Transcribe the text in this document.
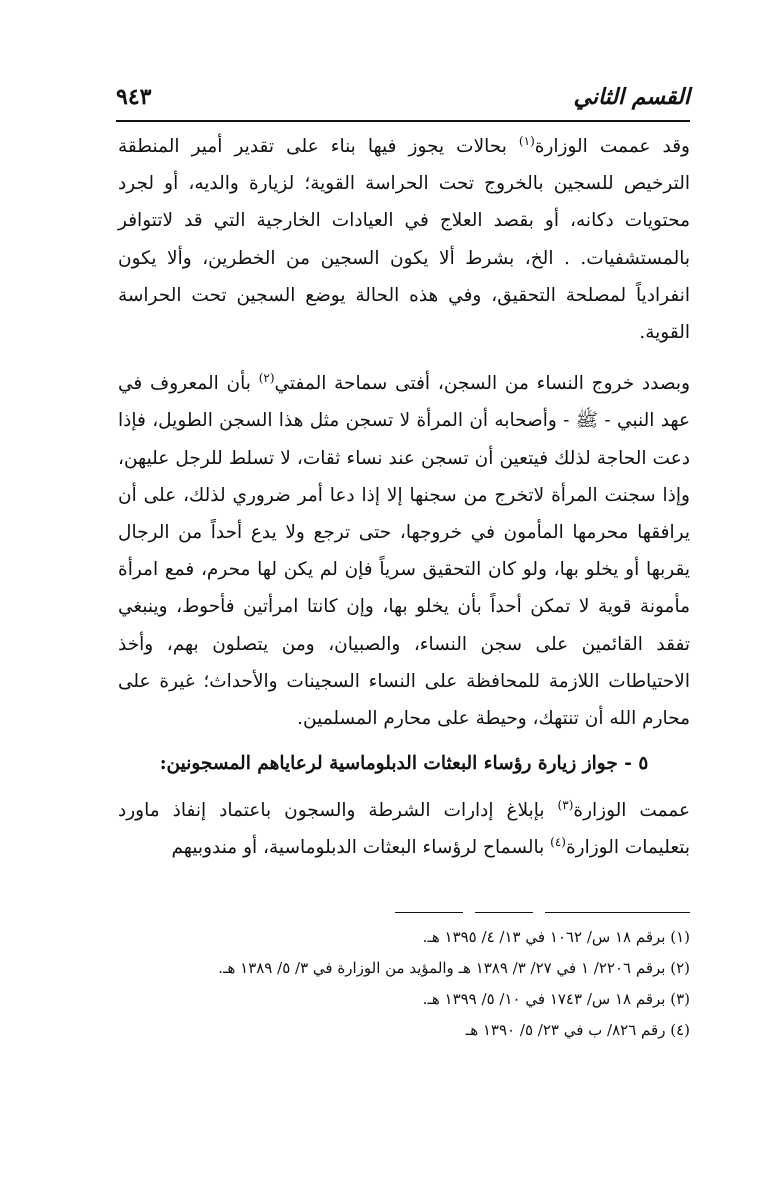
القسم الثاني
٩٤٣

وقد عممت الوزارة$^{(١)}$ بحالات يجوز فيها بناء على تقدير أمير المنطقة الترخيص للسجين بالخروج تحت الحراسة القوية؛ لزيارة والديه، أو لجرد محتويات دكانه، أو بقصد العلاج في العيادات الخارجية التي قد لاتتوافر بالمستشفيات. . الخ، بشرط ألا يكون السجين من الخطرين، وألا يكون انفرادياً لمصلحة التحقيق، وفي هذه الحالة يوضع السجين تحت الحراسة القوية.

وبصدد خروج النساء من السجن، أفتى سماحة المفتي$^{(٢)}$ بأن المعروف في عهد النبي - ﷺ - وأصحابه أن المرأة لا تسجن مثل هذا السجن الطويل، فإذا دعت الحاجة لذلك فيتعين أن تسجن عند نساء ثقات، لا تسلط للرجل عليهن، وإذا سجنت المرأة لاتخرج من سجنها إلا إذا دعا أمر ضروري لذلك، على أن يرافقها محرمها المأمون في خروجها، حتى ترجع ولا يدع أحداً من الرجال يقربها أو يخلو بها، ولو كان التحقيق سرياً فإن لم يكن لها محرم، فمع امرأة مأمونة قوية لا تمكن أحداً بأن يخلو بها، وإن كانتا امرأتين فأحوط، وينبغي تفقد القائمين على سجن النساء، والصبيان، ومن يتصلون بهم، وأخذ الاحتياطات اللازمة للمحافظة على النساء السجينات والأحداث؛ غيرة على محارم الله أن تنتهك، وحيطة على محارم المسلمين.

٥ - جواز زيارة رؤساء البعثات الدبلوماسية لرعاياهم المسجونين:

عممت الوزارة$^{(٣)}$ بإبلاغ إدارات الشرطة والسجون باعتماد إنفاذ ماورد بتعليمات الوزارة$^{(٤)}$ بالسماح لرؤساء البعثات الدبلوماسية، أو مندوبيهم

(١) برقم ١٨ س/ ١٠٦٢ في ١٣/ ٤/ ١٣٩٥ هـ.

(٢) برقم ٢٢٠٦/ ١ في ٢٧/ ٣/ ١٣٨٩ هـ والمؤيد من الوزارة في ٣/ ٥/ ١٣٨٩ هـ.

(٣) برقم ١٨ س/ ١٧٤٣ في ١٠/ ٥/ ١٣٩٩ هـ.

(٤) رقم ٨٢٦/ ب في ٢٣/ ٥/ ١٣٩٠ هـ
